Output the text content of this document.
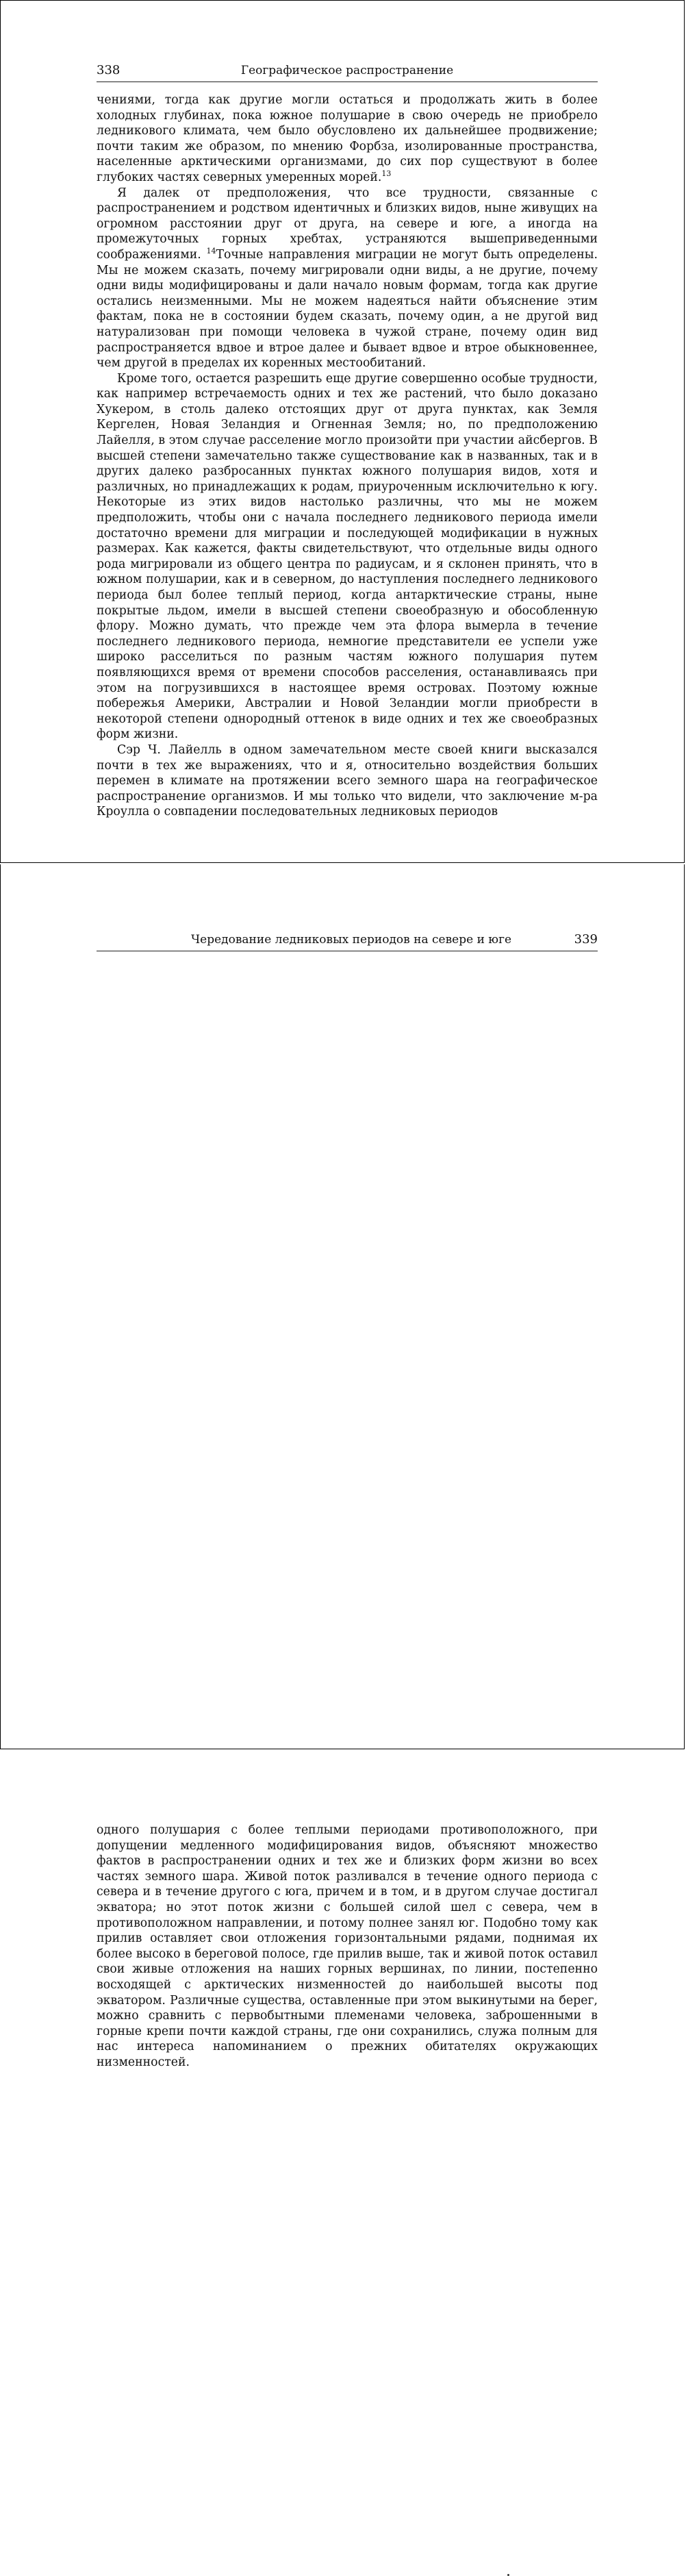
338	Географическое распространение

чениями, тогда как другие могли остаться и продолжать жить в более холодных глубинах, пока южное полушарие в свою очередь не приобрело ледникового климата, чем было обусловлено их дальнейшее продвижение; почти таким же образом, по мнению Форбза, изолированные пространства, населенные арктическими организмами, до сих пор существуют в более глубоких частях северных умеренных морей.$^{13}$

Я далек от предположения, что все трудности, связанные с распространением и родством идентичных и близких видов, ныне живущих на огромном расстоянии друг от друга, на севере и юге, а иногда на промежуточных горных хребтах, устраняются вышеприведенными соображениями. $^{14}$Точные направления миграции не могут быть определены. Мы не можем сказать, почему мигрировали одни виды, а не другие, почему одни виды модифицированы и дали начало новым формам, тогда как другие остались неизменными. Мы не можем надеяться найти объяснение этим фактам, пока не в состоянии будем сказать, почему один, а не другой вид натурализован при помощи человека в чужой стране, почему один вид распространяется вдвое и втрое далее и бывает вдвое и втрое обыкновеннее, чем другой в пределах их коренных местообитаний.

Кроме того, остается разрешить еще другие совершенно особые трудности, как например встречаемость одних и тех же растений, что было доказано Хукером, в столь далеко отстоящих друг от друга пунктах, как Земля Кергелен, Новая Зеландия и Огненная Земля; но, по предположению Лайелля, в этом случае расселение могло произойти при участии айсбергов. В высшей степени замечательно также существование как в названных, так и в других далеко разбросанных пунктах южного полушария видов, хотя и различных, но принадлежащих к родам, приуроченным исключительно к югу. Некоторые из этих видов настолько различны, что мы не можем предположить, чтобы они с начала последнего ледникового периода имели достаточно времени для миграции и последующей модификации в нужных размерах. Как кажется, факты свидетельствуют, что отдельные виды одного рода мигрировали из общего центра по радиусам, и я склонен принять, что в южном полушарии, как и в северном, до наступления последнего ледникового периода был более теплый период, когда антарктические страны, ныне покрытые льдом, имели в высшей степени своеобразную и обособленную флору. Можно думать, что прежде чем эта флора вымерла в течение последнего ледникового периода, немногие представители ее успели уже широко расселиться по разным частям южного полушария путем появляющихся время от времени способов расселения, останавливаясь при этом на погрузившихся в настоящее время островах. Поэтому южные побережья Америки, Австралии и Новой Зеландии могли приобрести в некоторой степени однородный оттенок в виде одних и тех же своеобразных форм жизни.

Сэр Ч. Лайелль в одном замечательном месте своей книги высказался почти в тех же выражениях, что и я, относительно воздействия больших перемен в климате на протяжении всего земного шара на географическое распространение организмов. И мы только что видели, что заключение м-ра Кроулла о совпадении последовательных ледниковых периодов

Чередование ледниковых периодов на севере и юге	339

одного полушария с более теплыми периодами противоположного, при допущении медленного модифицирования видов, объясняют множество фактов в распространении одних и тех же и близких форм жизни во всех частях земного шара. Живой поток разливался в течение одного периода с севера и в течение другого с юга, причем и в том, и в другом случае достигал экватора; но этот поток жизни с большей силой шел с севера, чем в противоположном направлении, и потому полнее занял юг. Подобно тому как прилив оставляет свои отложения горизонтальными рядами, поднимая их более высоко в береговой полосе, где прилив выше, так и живой поток оставил свои живые отложения на наших горных вершинах, по линии, постепенно восходящей с арктических низменностей до наибольшей высоты под экватором. Различные существа, оставленные при этом выкинутыми на берег, можно сравнить с первобытными племенами человека, заброшенными в горные крепи почти каждой страны, где они сохранились, служа полным для нас интереса напоминанием о прежних обитателях окружающих низменностей.
